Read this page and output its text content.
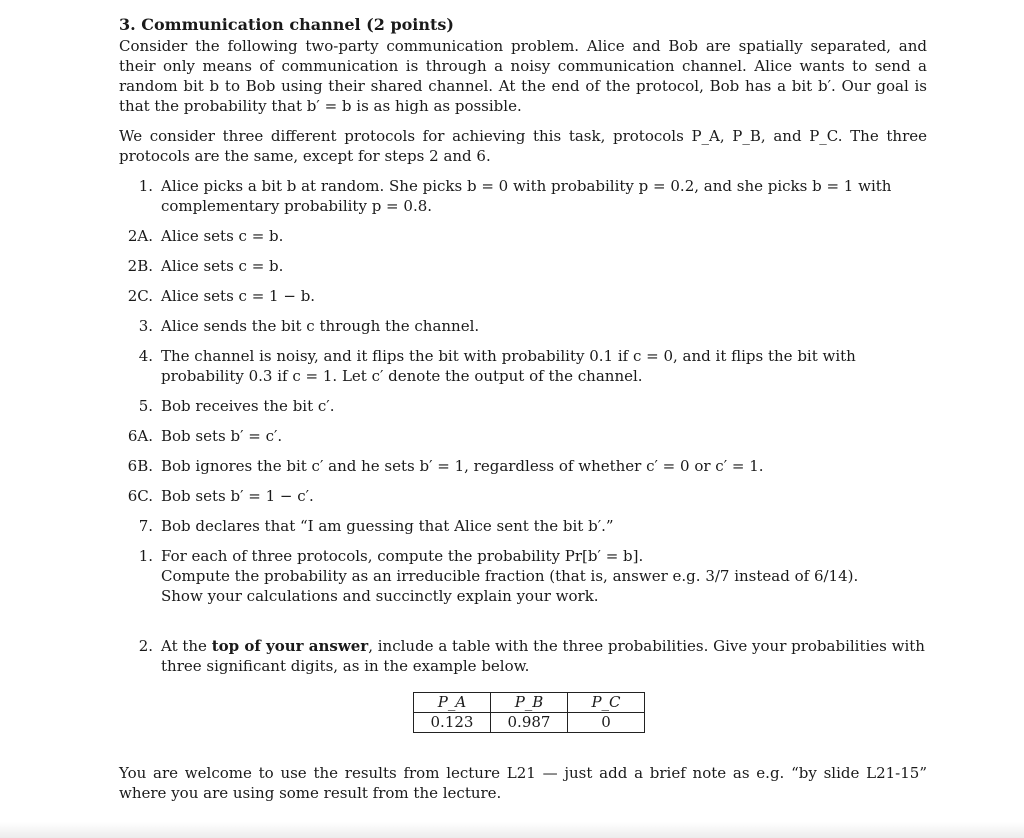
3. Communication channel (2 points)

Consider the following two-party communication problem. Alice and Bob are spatially separated, and their only means of communication is through a noisy communication channel. Alice wants to send a random bit b to Bob using their shared channel. At the end of the protocol, Bob has a bit b′. Our goal is that the probability that b′ = b is as high as possible.

We consider three different protocols for achieving this task, protocols P_A, P_B, and P_C. The three protocols are the same, except for steps 2 and 6.

1. Alice picks a bit b at random. She picks b = 0 with probability p = 0.2, and she picks b = 1 with complementary probability p = 0.8.
2A. Alice sets c = b.
2B. Alice sets c = b.
2C. Alice sets c = 1 − b.
3. Alice sends the bit c through the channel.
4. The channel is noisy, and it flips the bit with probability 0.1 if c = 0, and it flips the bit with probability 0.3 if c = 1. Let c′ denote the output of the channel.
5. Bob receives the bit c′.
6A. Bob sets b′ = c′.
6B. Bob ignores the bit c′ and he sets b′ = 1, regardless of whether c′ = 0 or c′ = 1.
6C. Bob sets b′ = 1 − c′.
7. Bob declares that “I am guessing that Alice sent the bit b′.”
1. For each of three protocols, compute the probability Pr[b′ = b].
Compute the probability as an irreducible fraction (that is, answer e.g. 3/7 instead of 6/14).
Show your calculations and succinctly explain your work.
2. At the top of your answer, include a table with the three probabilities. Give your probabilities with three significant digits, as in the example below.
P_A	P_B	P_C
0.123	0.987	0

You are welcome to use the results from lecture L21 — just add a brief note as e.g. “by slide L21-15” where you are using some result from the lecture.
